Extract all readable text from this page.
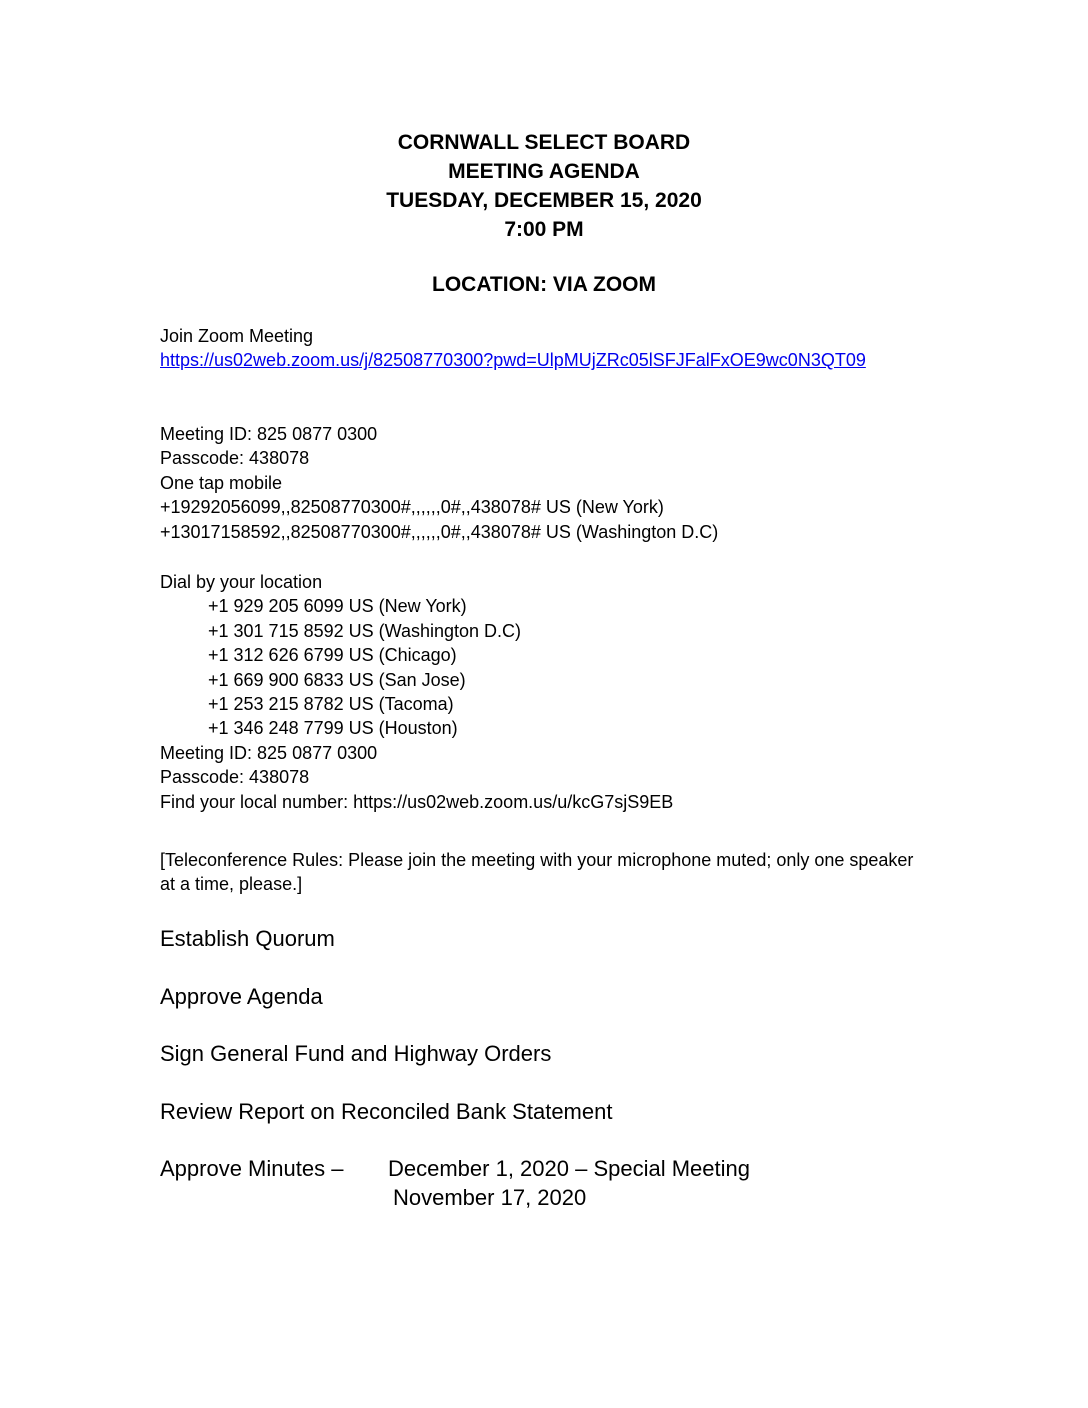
CORNWALL SELECT BOARD
MEETING AGENDA
TUESDAY, DECEMBER 15, 2020
7:00 PM
LOCATION: VIA ZOOM
Join Zoom Meeting
https://us02web.zoom.us/j/82508770300?pwd=UlpMUjZRc05lSFJFalFxOE9wc0N3QT09
Meeting ID: 825 0877 0300
Passcode: 438078
One tap mobile
+19292056099,,82508770300#,,,,,,0#,,438078# US (New York)
+13017158592,,82508770300#,,,,,,0#,,438078# US (Washington D.C)
Dial by your location
+1 929 205 6099 US (New York)
+1 301 715 8592 US (Washington D.C)
+1 312 626 6799 US (Chicago)
+1 669 900 6833 US (San Jose)
+1 253 215 8782 US (Tacoma)
+1 346 248 7799 US (Houston)
Meeting ID: 825 0877 0300
Passcode: 438078
Find your local number: https://us02web.zoom.us/u/kcG7sjS9EB
[Teleconference Rules: Please join the meeting with your microphone muted; only one speaker at a time, please.]
Establish Quorum
Approve Agenda
Sign General Fund and Highway Orders
Review Report on Reconciled Bank Statement
Approve Minutes – December 1, 2020 – Special Meeting
November 17, 2020
